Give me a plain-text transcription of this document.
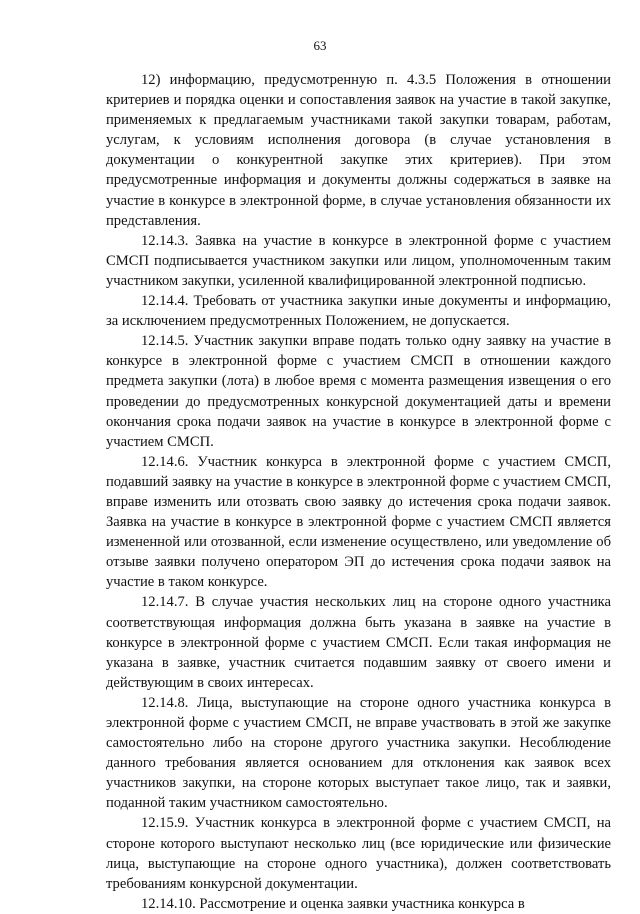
63

12) информацию, предусмотренную п. 4.3.5 Положения в отношении критериев и порядка оценки и сопоставления заявок на участие в такой закупке, применяемых к предлагаемым участниками такой закупки товарам, работам, услугам, к условиям исполнения договора (в случае установления в документации о конкурентной закупке этих критериев). При этом предусмотренные информация и документы должны содержаться в заявке на участие в конкурсе в электронной форме, в случае установления обязанности их представления.

12.14.3. Заявка на участие в конкурсе в электронной форме с участием СМСП подписывается участником закупки или лицом, уполномоченным таким участником закупки, усиленной квалифицированной электронной подписью.

12.14.4. Требовать от участника закупки иные документы и информацию, за исключением предусмотренных Положением, не допускается.

12.14.5. Участник закупки вправе подать только одну заявку на участие в конкурсе в электронной форме с участием СМСП в отношении каждого предмета закупки (лота) в любое время с момента размещения извещения о его проведении до предусмотренных конкурсной документацией даты и времени окончания срока подачи заявок на участие в конкурсе в электронной форме с участием СМСП.

12.14.6. Участник конкурса в электронной форме с участием СМСП, подавший заявку на участие в конкурсе в электронной форме с участием СМСП, вправе изменить или отозвать свою заявку до истечения срока подачи заявок. Заявка на участие в конкурсе в электронной форме с участием СМСП является измененной или отозванной, если изменение осуществлено, или уведомление об отзыве заявки получено оператором ЭП до истечения срока подачи заявок на участие в таком конкурсе.

12.14.7. В случае участия нескольких лиц на стороне одного участника соответствующая информация должна быть указана в заявке на участие в конкурсе в электронной форме с участием СМСП. Если такая информация не указана в заявке, участник считается подавшим заявку от своего имени и действующим в своих интересах.

12.14.8. Лица, выступающие на стороне одного участника конкурса в электронной форме с участием СМСП, не вправе участвовать в этой же закупке самостоятельно либо на стороне другого участника закупки. Несоблюдение данного требования является основанием для отклонения как заявок всех участников закупки, на стороне которых выступает такое лицо, так и заявки, поданной таким участником самостоятельно.

12.15.9. Участник конкурса в электронной форме с участием СМСП, на стороне которого выступают несколько лиц (все юридические или физические лица, выступающие на стороне одного участника), должен соответствовать требованиям конкурсной документации.

12.14.10. Рассмотрение и оценка заявки участника конкурса в
